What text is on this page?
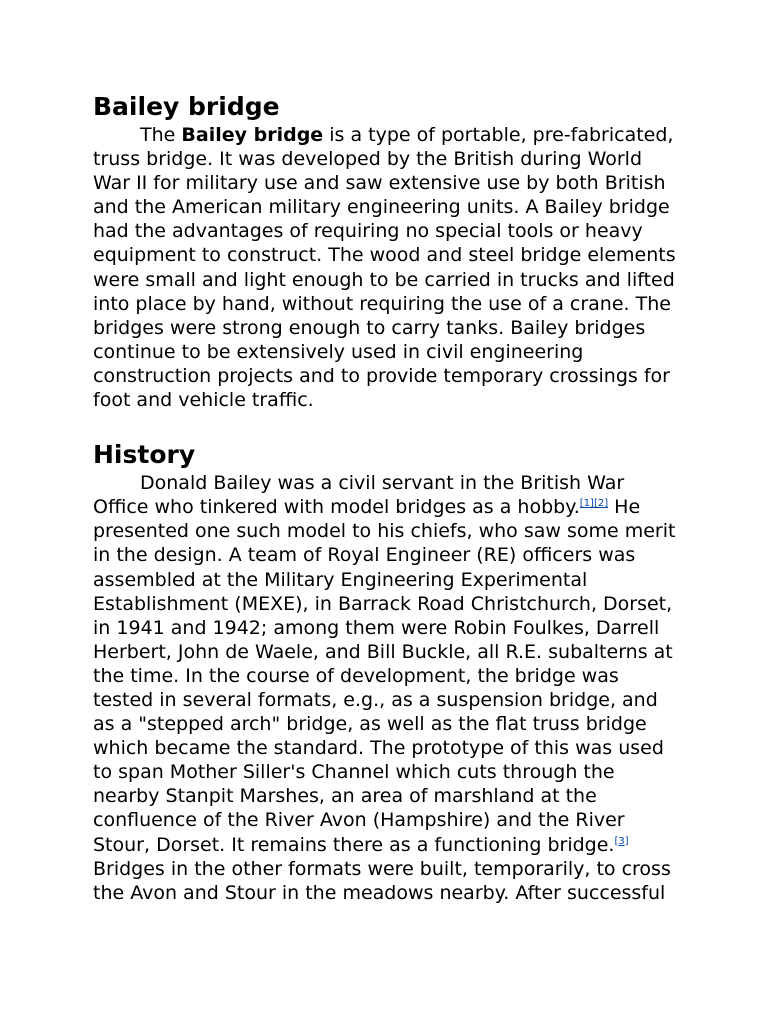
Bailey bridge

The Bailey bridge is a type of portable, pre-fabricated, truss bridge. It was developed by the British during World War II for military use and saw extensive use by both British and the American military engineering units. A Bailey bridge had the advantages of requiring no special tools or heavy equipment to construct. The wood and steel bridge elements were small and light enough to be carried in trucks and lifted into place by hand, without requiring the use of a crane. The bridges were strong enough to carry tanks. Bailey bridges continue to be extensively used in civil engineering construction projects and to provide temporary crossings for foot and vehicle traffic.

History

Donald Bailey was a civil servant in the British War Office who tinkered with model bridges as a hobby.[1][2] He presented one such model to his chiefs, who saw some merit in the design. A team of Royal Engineer (RE) officers was assembled at the Military Engineering Experimental Establishment (MEXE), in Barrack Road Christchurch, Dorset, in 1941 and 1942; among them were Robin Foulkes, Darrell Herbert, John de Waele, and Bill Buckle, all R.E. subalterns at the time. In the course of development, the bridge was tested in several formats, e.g., as a suspension bridge, and as a "stepped arch" bridge, as well as the flat truss bridge which became the standard. The prototype of this was used to span Mother Siller's Channel which cuts through the nearby Stanpit Marshes, an area of marshland at the confluence of the River Avon (Hampshire) and the River Stour, Dorset. It remains there as a functioning bridge.[3] Bridges in the other formats were built, temporarily, to cross the Avon and Stour in the meadows nearby. After successful
